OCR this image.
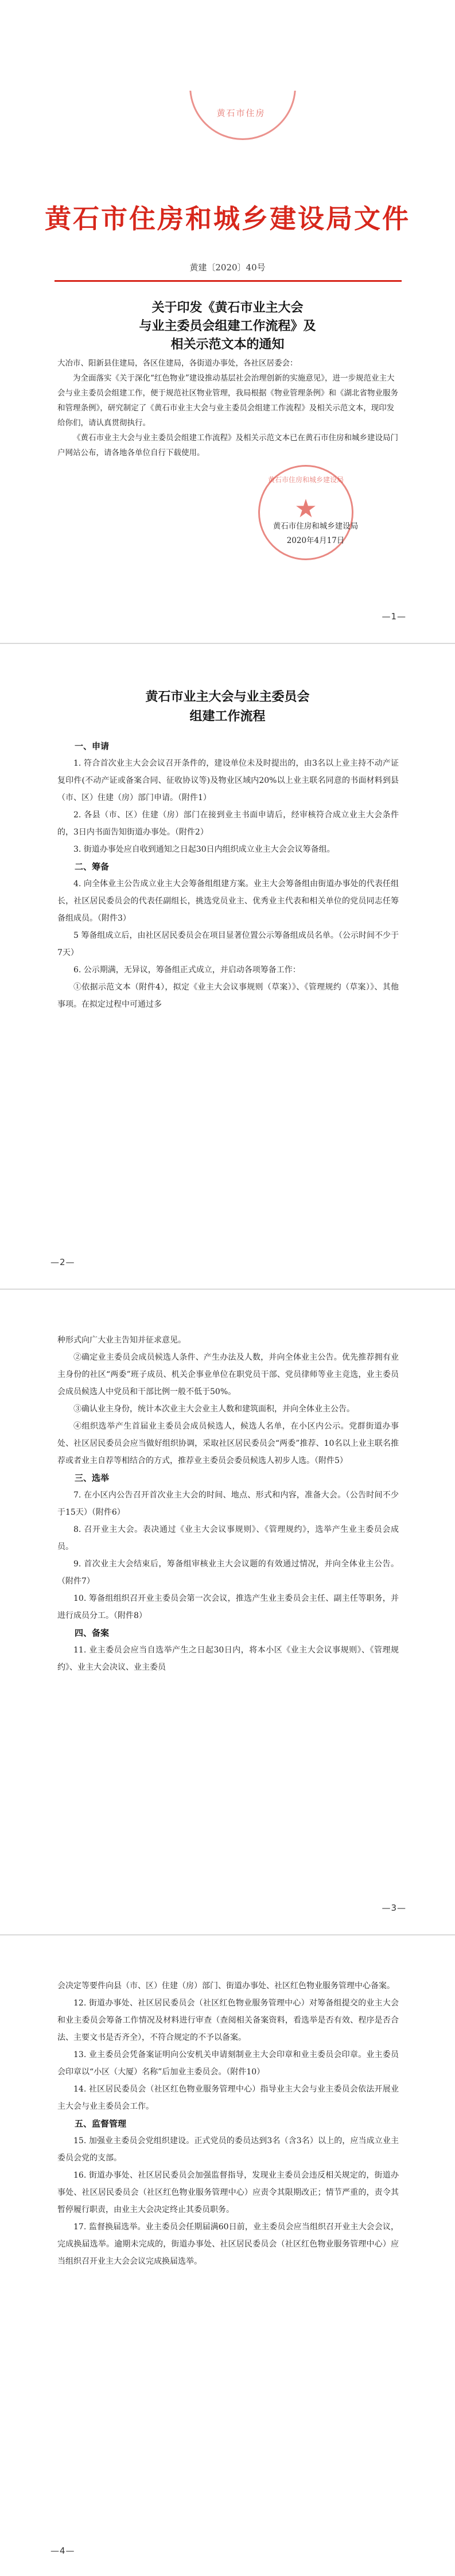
黄石市住房
黄石市住房和城乡建设局文件
黄建〔2020〕40号
关于印发《黄石市业主大会
与业主委员会组建工作流程》及
相关示范文本的通知

大冶市、阳新县住建局，各区住建局，各街道办事处，各社区居委会：

为全面落实《关于深化“红色物业”建设推动基层社会治理创新的实施意见》，进一步规范业主大会与业主委员会组建工作，便于规范社区物业管理，我局根据《物业管理条例》和《湖北省物业服务和管理条例》，研究制定了《黄石市业主大会与业主委员会组建工作流程》及相关示范文本，现印发给你们，请认真贯彻执行。

《黄石市业主大会与业主委员会组建工作流程》及相关示范文本已在黄石市住房和城乡建设局门户网站公布，请各地各单位自行下载使用。

黄石市住房和城乡建设局
★
黄石市住房和城乡建设局
2020年4月17日
—1—
黄石市业主大会与业主委员会
组建工作流程
一、申请

1. 符合首次业主大会会议召开条件的，建设单位未及时提出的，由3名以上业主持不动产证复印件(不动产证或备案合同、征收协议等)及物业区域内20%以上业主联名同意的书面材料到县（市、区）住建（房）部门申请。（附件1）

2. 各县（市、区）住建（房）部门在接到业主书面申请后，经审核符合成立业主大会条件的，3日内书面告知街道办事处。（附件2）

3. 街道办事处应自收到通知之日起30日内组织成立业主大会会议筹备组。

二、筹备

4. 向全体业主公告成立业主大会筹备组组建方案。业主大会筹备组由街道办事处的代表任组长，社区居民委员会的代表任副组长，挑选党员业主、优秀业主代表和相关单位的党员同志任筹备组成员。（附件3）

5 筹备组成立后，由社区居民委员会在项目显著位置公示筹备组成员名单。（公示时间不少于7天）

6. 公示期满，无异议，筹备组正式成立，并启动各项筹备工作：

①依据示范文本（附件4），拟定《业主大会议事规则（草案）》、《管理规约（草案）》、其他事项。在拟定过程中可通过多

—2—

种形式向广大业主告知并征求意见。

②确定业主委员会成员候选人条件、产生办法及人数，并向全体业主公告。优先推荐拥有业主身份的社区“两委”班子成员、机关企事业单位在职党员干部、党员律师等业主竞选，业主委员会成员候选人中党员和干部比例一般不低于50%。

③确认业主身份，统计本次业主大会业主人数和建筑面积，并向全体业主公告。

④组织选举产生首届业主委员会成员候选人，候选人名单，在小区内公示。党群街道办事处、社区居民委员会应当做好组织协调，采取社区居民委员会“两委”推荐、10名以上业主联名推荐或者业主自荐等相结合的方式，推荐业主委员会委员候选人初步人选。（附件5）

三、选举

7. 在小区内公告召开首次业主大会的时间、地点、形式和内容，准备大会。（公告时间不少于15天）（附件6）

8. 召开业主大会。表决通过《业主大会议事规则》、《管理规约》，选举产生业主委员会成员。

9. 首次业主大会结束后，筹备组审核业主大会议题的有效通过情况，并向全体业主公告。（附件7）

10. 筹备组组织召开业主委员会第一次会议，推选产生业主委员会主任、副主任等职务，并进行成员分工。（附件8）

四、备案

11. 业主委员会应当自选举产生之日起30日内，将本小区《业主大会议事规则》、《管理规约》、业主大会决议、业主委员

—3—

会决定等要件向县（市、区）住建（房）部门、街道办事处、社区红色物业服务管理中心备案。

12. 街道办事处、社区居民委员会（社区红色物业服务管理中心）对筹备组提交的业主大会和业主委员会筹备工作情况及材料进行审查（查阅相关备案资料，看选举是否有效、程序是否合法、主要文书是否齐全），不符合规定的不予以备案。

13. 业主委员会凭备案证明向公安机关申请刻制业主大会印章和业主委员会印章。业主委员会印章以“小区（大厦）名称”后加业主委员会。（附件10）

14. 社区居民委员会（社区红色物业服务管理中心）指导业主大会与业主委员会依法开展业主大会与业主委员会工作。

五、监督管理

15. 加强业主委员会党组织建设。正式党员的委员达到3名（含3名）以上的，应当成立业主委员会党的支部。

16. 街道办事处、社区居民委员会加强监督指导，发现业主委员会违反相关规定的，街道办事处、社区居民委员会（社区红色物业服务管理中心）应责令其限期改正；情节严重的，责令其暂停履行职责，由业主大会决定终止其委员职务。

17. 监督换届选举。业主委员会任期届满60日前，业主委员会应当组织召开业主大会会议，完成换届选举。逾期未完成的，街道办事处、社区居民委员会（社区红色物业服务管理中心）应当组织召开业主大会会议完成换届选举。

—4—
